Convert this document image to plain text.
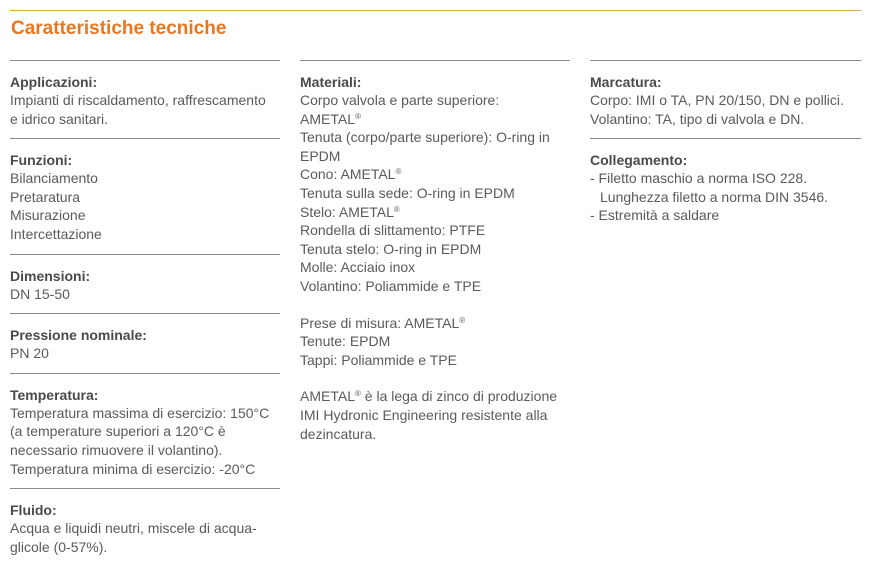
Caratteristiche tecniche

Applicazioni:

Impianti di riscaldamento, raffrescamento

e idrico sanitari.

Funzioni:

Bilanciamento

Pretaratura

Misurazione

Intercettazione

Dimensioni:

DN 15-50

Pressione nominale:

PN 20

Temperatura:

Temperatura massima di esercizio: 150°C

(a temperature superiori a 120°C è

necessario rimuovere il volantino).

Temperatura minima di esercizio: -20°C

Fluido:

Acqua e liquidi neutri, miscele di acqua-

glicole (0-57%).

Materiali:

Corpo valvola e parte superiore:

AMETAL®

Tenuta (corpo/parte superiore): O-ring in

EPDM

Cono: AMETAL®

Tenuta sulla sede: O-ring in EPDM

Stelo: AMETAL®

Rondella di slittamento: PTFE

Tenuta stelo: O-ring in EPDM

Molle: Acciaio inox

Volantino: Poliammide e TPE

Prese di misura: AMETAL®

Tenute: EPDM

Tappi: Poliammide e TPE

AMETAL® è la lega di zinco di produzione

IMI Hydronic Engineering resistente alla

dezincatura.

Marcatura:

Corpo: IMI o TA, PN 20/150, DN e pollici.

Volantino: TA, tipo di valvola e DN.

Collegamento:

- Filetto maschio a norma ISO 228.

Lunghezza filetto a norma DIN 3546.

- Estremità a saldare
